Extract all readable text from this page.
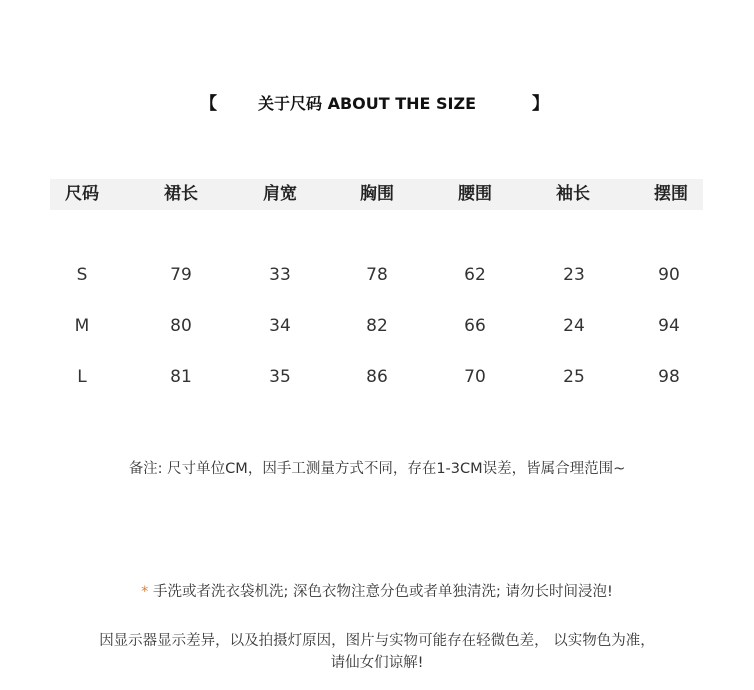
【	关于尺码 ABOUT THE SIZE	】
尺码	裙长	肩宽	胸围	腰围	袖长	摆围
S	79	33	78	62	23	90
M	80	34	82	66	24	94
L	81	35	86	70	25	98
备注: 尺寸单位CM，因手工测量方式不同，存在1-3CM误差，皆属合理范围~
* 手洗或者洗衣袋机洗; 深色衣物注意分色或者单独清洗; 请勿长时间浸泡!
因显示器显示差异，以及拍摄灯原因，图片与实物可能存在轻微色差， 以实物色为准，
请仙女们谅解!
